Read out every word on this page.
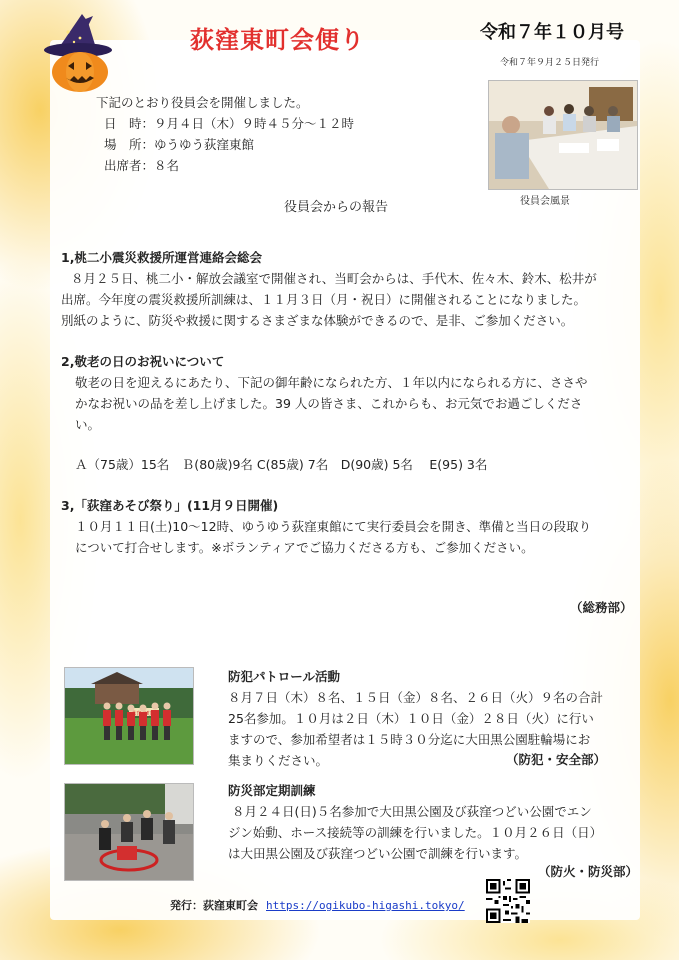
荻窪東町会便り	令和７年１０月号
令和７年９月２５日発行
下記のとおり役員会を開催しました。
日　時：９月４日（木）９時４５分～１２時
場　所：ゆうゆう荻窪東館
出席者：８名
役員会風景
役員会からの報告
1,桃二小震災救援所運営連絡会総会
８月２５日、桃二小・解放会議室で開催され、当町会からは、手代木、佐々木、鈴木、松井が
出席。今年度の震災救援所訓練は、１１月３日（月・祝日）に開催されることになりました。
別紙のように、防災や救援に関するさまざまな体験ができるので、是非、ご参加ください。
2,敬老の日のお祝いについて
敬老の日を迎えるにあたり、下記の御年齢になられた方、１年以内になられる方に、ささや
かなお祝いの品を差し上げました。39 人の皆さま、これからも、お元気でお過ごしくださ
い。
Ａ（75歳）15名　Ｂ(80歳)9名 C(85歳) 7名　D(90歳) 5名　 E(95) 3名
3,「荻窪あそび祭り」(11月９日開催)
１０月１１日(土)10～12時、ゆうゆう荻窪東館にて実行委員会を開き、準備と当日の段取り
について打合せします。※ボランティアでご協力くださる方も、ご参加ください。
（総務部）
防犯パトロール活動
８月７日（木）８名、１５日（金）８名、２６日（火）９名の合計
25名参加。１０月は２日（木）１０日（金）２８日（火）に行い
ますので、参加希望者は１５時３０分迄に大田黒公園駐輪場にお
集まりください。	（防犯・安全部）
防災部定期訓練
８月２４日(日)５名参加で大田黒公園及び荻窪つどい公園でエン
ジン始動、ホース接続等の訓練を行いました。１０月２６日（日）
は大田黒公園及び荻窪つどい公園で訓練を行います。
（防火・防災部）
発行：荻窪東町会 https://ogikubo-higashi.tokyo/
